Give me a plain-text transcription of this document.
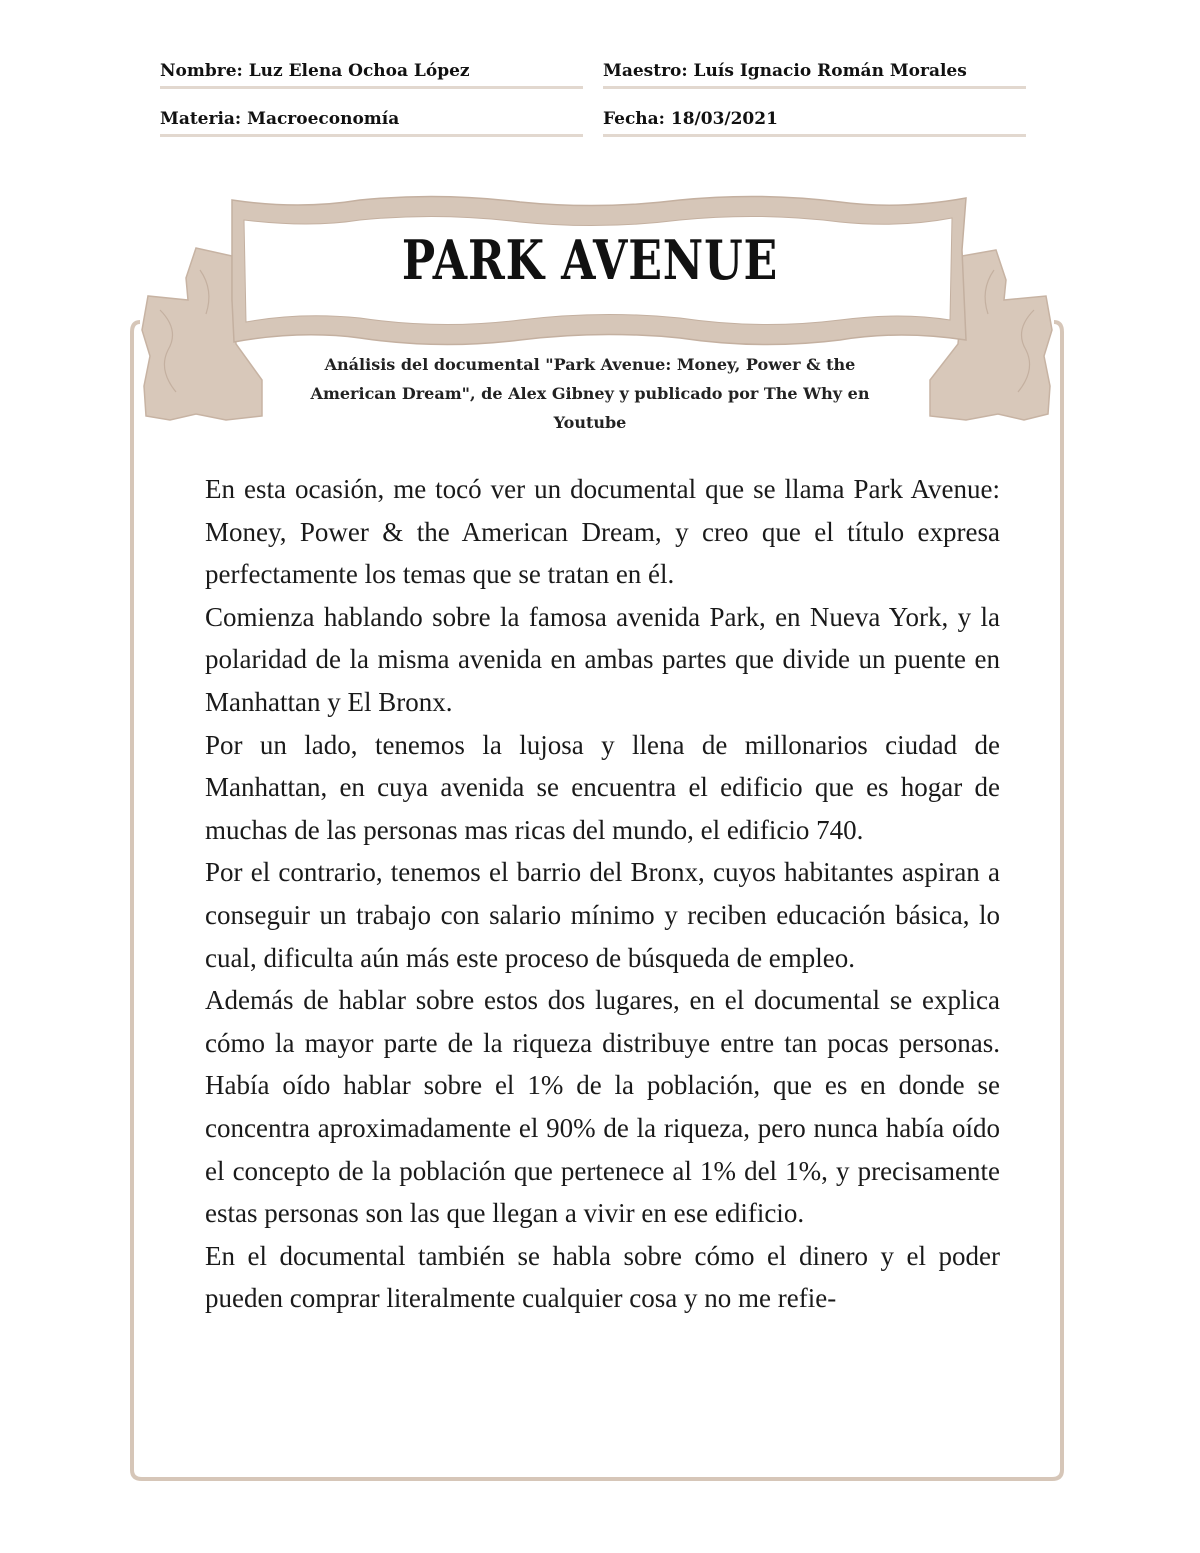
Nombre: Luz Elena Ochoa López	Maestro: Luís Ignacio Román Morales
Materia: Macroeconomía	Fecha: 18/03/2021
PARK AVENUE
Análisis del documental "Park Avenue: Money, Power & the American Dream", de Alex Gibney y publicado por The Why en Youtube

En esta ocasión, me tocó ver un documental que se llama Park Avenue: Money, Power & the American Dream, y creo que el título expresa perfectamente los temas que se tratan en él.

Comienza hablando sobre la famosa avenida Park, en Nueva York, y la polaridad de la misma avenida en ambas partes que divide un puente en Manhattan y El Bronx.

Por un lado, tenemos la lujosa y llena de millonarios ciudad de Manhattan, en cuya avenida se encuentra el edificio que es hogar de muchas de las personas mas ricas del mundo, el edificio 740.

Por el contrario, tenemos el barrio del Bronx, cuyos habitantes aspiran a conseguir un trabajo con salario mínimo y reciben educación básica, lo cual, dificulta aún más este proceso de búsqueda de empleo.

Además de hablar sobre estos dos lugares, en el documental se explica cómo la mayor parte de la riqueza distribuye entre tan pocas personas. Había oído hablar sobre el 1% de la población, que es en donde se concentra aproximadamente el 90% de la riqueza, pero nunca había oído el concepto de la población que pertenece al 1% del 1%, y precisamente estas personas son las que llegan a vivir en ese edificio.

En el documental también se habla sobre cómo el dinero y el poder pueden comprar literalmente cualquier cosa y no me refie-
